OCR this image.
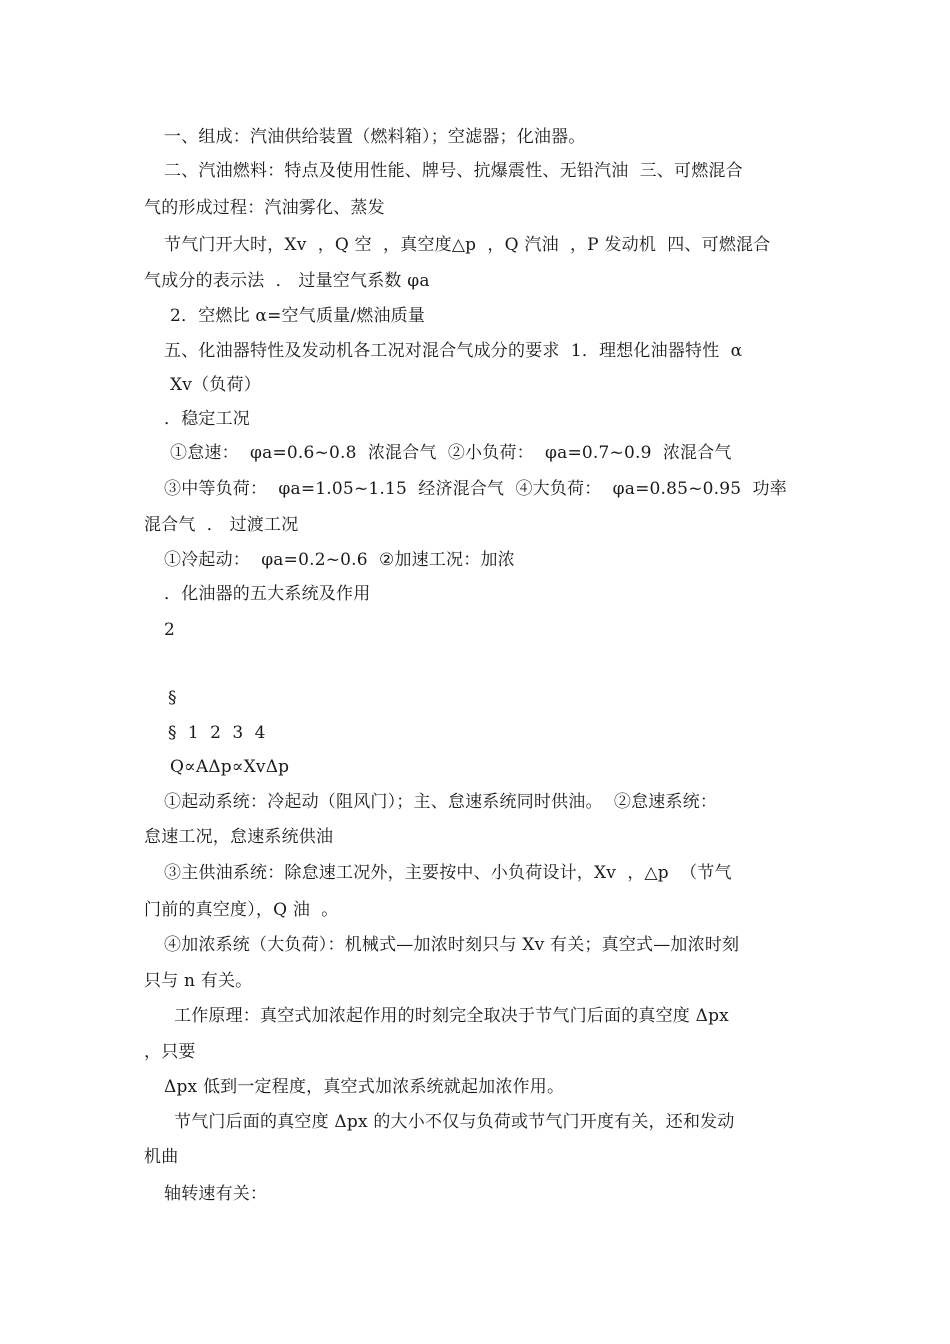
一、组成：汽油供给装置（燃料箱）；空滤器；化油器。
二、汽油燃料：特点及使用性能、牌号、抗爆震性、无铅汽油  三、可燃混合
气的形成过程：汽油雾化、蒸发
节气门开大时，Xv  ，Q 空  ，真空度△p  ，Q 汽油  ，P 发动机  四、可燃混合
气成分的表示法  ． 过量空气系数 φa
2．空燃比 α=空气质量/燃油质量
五、化油器特性及发动机各工况对混合气成分的要求  1．理想化油器特性  α
Xv（负荷）
．稳定工况
①怠速：  φa=0.6~0.8  浓混合气  ②小负荷：  φa=0.7~0.9  浓混合气
③中等负荷：  φa=1.05~1.15  经济混合气  ④大负荷：  φa=0.85~0.95  功率
混合气  ． 过渡工况
①冷起动：  φa=0.2~0.6  ②加速工况：加浓
．化油器的五大系统及作用
2
§
§  1  2  3  4
Q∝AΔp∝XvΔp
①起动系统：冷起动（阻风门）；主、怠速系统同时供油。  ②怠速系统：
怠速工况，怠速系统供油
③主供油系统：除怠速工况外，主要按中、小负荷设计，Xv  ，△p  （节气
门前的真空度），Q 油  。
④加浓系统（大负荷）：机械式—加浓时刻只与 Xv 有关；真空式—加浓时刻
只与 n 有关。
工作原理：真空式加浓起作用的时刻完全取决于节气门后面的真空度 Δpx
，只要
Δpx 低到一定程度，真空式加浓系统就起加浓作用。
节气门后面的真空度 Δpx 的大小不仅与负荷或节气门开度有关，还和发动
机曲
轴转速有关：
